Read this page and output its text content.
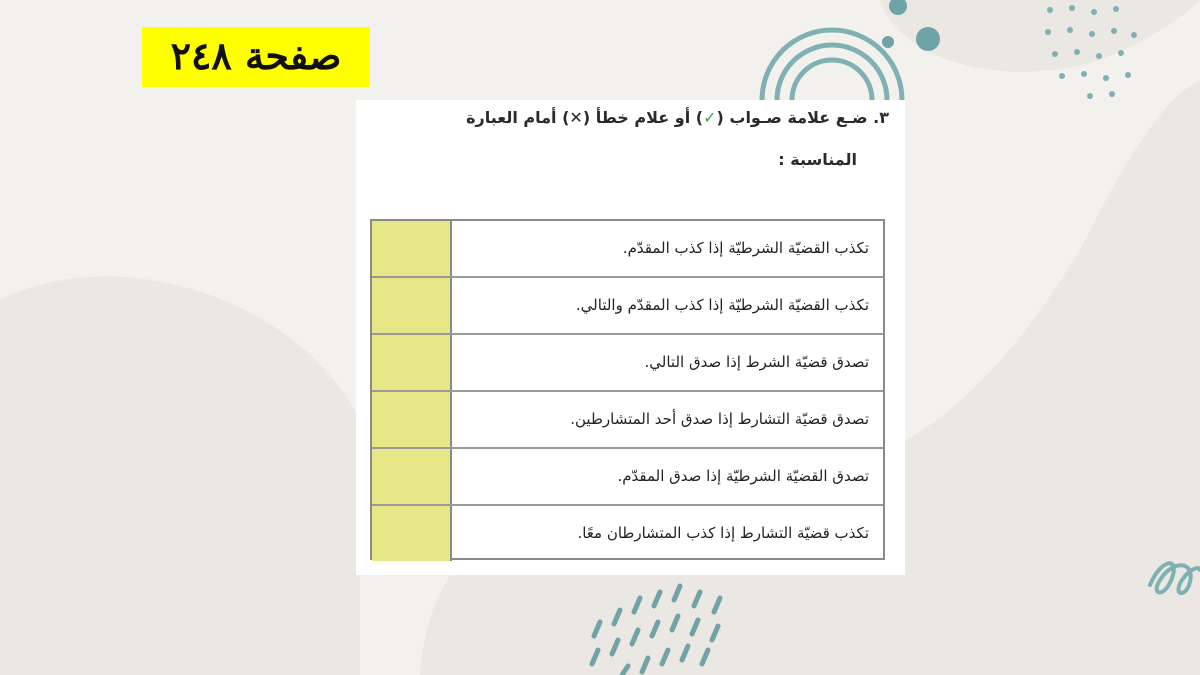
صفحة ٢٤٨
٣. ضـع علامة صـواب (✓) أو علام خطأ (✕) أمام العبارة
المناسبة :
تكذب القضيّة الشرطيّة إذا كذب المقدّم.
تكذب القضيّة الشرطيّة إذا كذب المقدّم والتالي.
تصدق قضيّة الشرط إذا صدق التالي.
تصدق قضيّة التشارط إذا صدق أحد المتشارطين.
تصدق القضيّة الشرطيّة إذا صدق المقدّم.
تكذب قضيّة التشارط إذا كذب المتشارطان معًا.
